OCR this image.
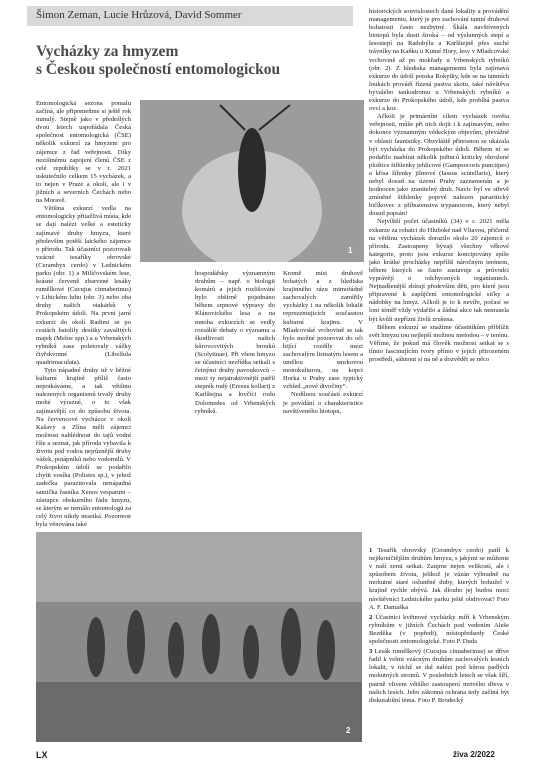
Šimon Zeman, Lucie Hrůzová, David Sommer
Vycházky za hmyzem
s Českou společností entomologickou

Entomologická sezona pomalu začíná, ale připomeňme si ještě rok minulý. Stejně jako v předešlých dvou letech uspořádala Česká společnost entomologická (ČSE) několik exkurzí za hmyzem pro zájemce z řad veřejnosti. Díky nezištnému zapojení členů ČSE z celé republiky se v r. 2021 uskutečnilo celkem 15 vycházek, a to nejen v Praze a okolí, ale i v jižních a severních Čechách nebo na Moravě.

Většina exkurzí vedla na entomologicky přitažlivá místa, kde se dají nalézt velké a esteticky zajímavé druhy hmyzu, které především potěší laického zájemce o přírodu. Tak účastníci pozorovali vzácné tesaříky obrovské (Cerambyx cerdo) v Lednickém parku (obr. 1) a Milíčovském lese, krásné červeně zbarvené lesáky rumělkové (Cucujus cinnaberinus) v Libickém luhu (obr. 3) nebo oba druhy našich otakárků v Prokopském údolí. Na první jarní exkurzi do okolí Radimi se po cestách batolily desítky zavalitých majek (Meloe spp.) a u Vrbenských rybníků zase poletovaly vážky čtyřskvrnné (Libellula quadrimaculata).

Tyto nápadné druhy už v běžné kulturní krajině příliš často nepotkáváme, a tak většinu nalezených organismů trvalý druhy mohé výrazné, o to však zajímavější co do způsobu života. Na červencové vycházce v okolí Kašavy u Zlína měli zájemci možnost nahlédnout do tajů vodní říše a seznat, jak příroda vybavila k životu pod vodou nejrůznější druhy vážek, potápníků nebo vodomilů. V Prokopském údolí se podařilo chytit vosíka (Polistes sp.), v jehož zadečku parazitovala nenápadná samička řasníka Xenos vesparum – zástupce obskurního řádu hmyzu, se kterým se nemálo entomologů za celý život nikdy nesetká. Pozornost byla věnována také

1

hospodářsky významným druhům – např. o biologii komárů a jejich rozlišování bylo obšírně pojednáno během srpnové výpravy do Klánovického lesa a na mnoha exkurzích se vedly rozsáhlé debaty o významu a škodlivosti našich kůrovcovitých brouků (Scolytinae). Při všem hmyzu se účastníci nezřídka setkali s četnými druhy pavoukovců – mezi ty nejatraktivnější patřil stepník rudý (Eresus kollari) z Karlštejna a lovčíci rodu Dolomedes od Vrbenských rybníků.

Kromě míst druhově bohatých a z hlediska krajinného rázu mimořádně zachovalých zamířily vycházky i na několik lokalit reprezentujících současnou kulturní krajinu. V Mladcovské vrchovině se tak bylo možné pozorovat do oči bijící rozdíly mezi zachovalým listnatým lesem a umělou smrkovou monokulturou, na kopci Horka u Prahy zase typický vzhled „nové divočiny“.

Nedílnou součástí exkurzí je povídání o charakteristice navštíveného biotopu,

historických souvislostech dané lokality a provádění managementu, který je pro zachování tamní druhové bohatosti často nezbytný. Škála navštívených biotopů byla dosti široká – od výslunných stepí a lesostepí na Radobýlu a Karlštejně přes suché trávníky na Kaňku u Kutné Hory, lesy v Mladcovské vrchovině až po mokřady u Vrbenských rybníků (obr. 2). Z hlediska managementu byla zajímavá exkurze do údolí potoka Rokytky, kde se na tamních loukách provádí řízená pastva skotu, také návštěva bývalého tankodromu u Vrbenských rybníků a exkurze do Prokopského údolí, kde probíhá pastva ovcí a koz.

Ačkoli je primárním cílem vycházek osvěta veřejnosti, může při nich dojít i k zajímavým, nebo dokonce významným vědeckým objevům, převážně v oblasti faunistiky. Obzvláště přínosnou se ukázala být vycházka do Prokopského údolí. Během ní se podařilo nasbírat několik jedinců kriticky ohrožené ploštice štíhlenky jehlicové (Gampsocoris punctipes) a křísa šířenky jilmové (Iassus scutellaris), který nebyl dosud na území Prahy zaznamenán a je hodnocen jako zranitelný druh. Navíc byl ve střevě zmíněné štíhlenky poprvé nalezen parazitický bičíkovec z příbuzenstva trypanozom, který nebyl dosud popsán!

Nejvíštší počet účastníků (34) v r. 2021 měla exkurze za rohatci do Hluboké nad Vltavou, přičemž na většinu vycházek dorazilo okolo 20 zájemců o přírodu. Zastoupeny bývají všechny věkové kategorie, proto jsou exkurze koncipovány spíše jako krátké procházky nepříliš náročným terénem, během kterých se často zastavuje a průvodci vyprávějí o odchycených organismech. Nejnadšenější sbírají především děti, pro které jsou připravené k zapůjčení entomologické síťky a nádobky na hmyz. Ačkoli je to k nevíře, počasí se loni téměř vždy vydařilo a žádná akce tak nemusela být kvůli nepřízni živlů zrušena.

Během exkurzí se snažíme účastníkům přiblížit svět hmyzu tou nejlepší možnou metodou – v terénu. Věříme, že pokud má člověk možnost setkat se s tímto fascinujícím tvory přímo v jejich přirozeném prostředí, sáhnout si na ně a dozvědět se něco

2

1 Tesařík obrovský (Cerambyx cerdo) patří k nejikoničtějším druhům hmyzu, s jakými se můžeme v naší zemi setkat. Zaujme nejen velikostí, ale i způsobem života, jelikož je vázán výhradně na mohutné staré osluněné duby, kterých bohužel v krajině rychle ubývá. Jak dlouho jej budou moci návštěvníci Lednického parku ještě obdivovat? Foto A. F. Damaška

2 Účastníci květnové vycházky míří k Vrbenským rybníkům v jižních Čechách pod vedením Aleše Bezděka (v popředí), místopředsedy České společnosti entomologické. Foto P. Duda

3 Lesák rumělkový (Cucujus cinnaberinus) se dříve řadil k velmi vzácným druhům zachovalých lesních lokalit, v nichž se dal nalézt pod kůrou padlých mohutných stromů. V posledních letech se však šíří, patrně vlivem většího zastoupení mrtvého dřeva v našich lesích. Jeho zákonná ochrana tedy začíná být diskutabilní téma. Foto P. Brodecký

LX	živa 2/2022
